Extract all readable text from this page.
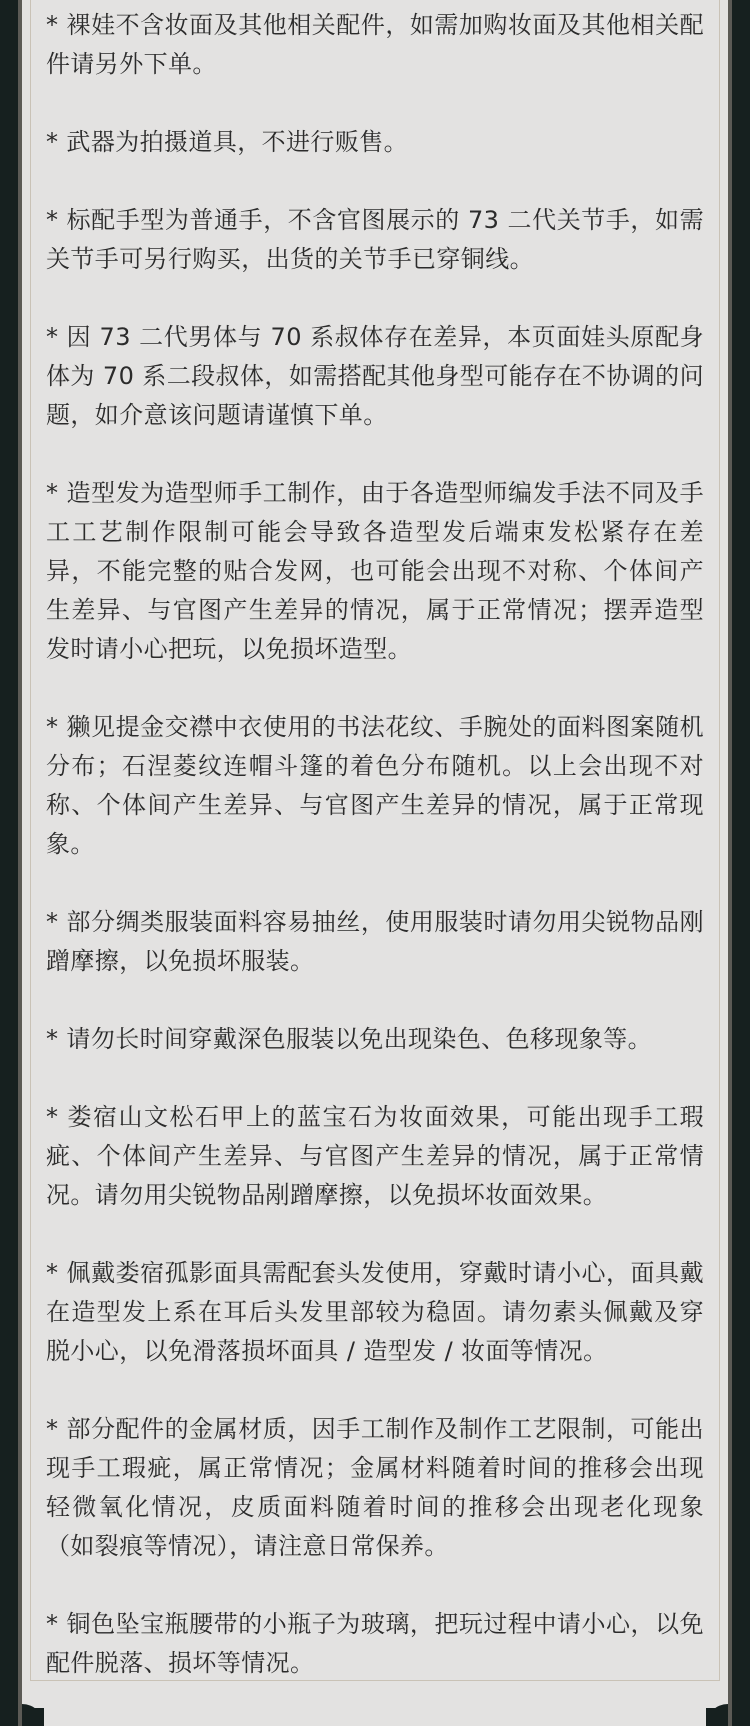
* 裸娃不含妆面及其他相关配件，如需加购妆面及其他相关配件请另外下单。
* 武器为拍摄道具，不进行贩售。
* 标配手型为普通手，不含官图展示的 73 二代关节手，如需关节手可另行购买，出货的关节手已穿铜线。
* 因 73 二代男体与 70 系叔体存在差异，本页面娃头原配身体为 70 系二段叔体，如需搭配其他身型可能存在不协调的问题，如介意该问题请谨慎下单。
* 造型发为造型师手工制作，由于各造型师编发手法不同及手工工艺制作限制可能会导致各造型发后端束发松紧存在差异，不能完整的贴合发网，也可能会出现不对称、个体间产生差异、与官图产生差异的情况，属于正常情况；摆弄造型发时请小心把玩，以免损坏造型。
* 獭见提金交襟中衣使用的书法花纹、手腕处的面料图案随机分布；石涅菱纹连帽斗篷的着色分布随机。以上会出现不对称、个体间产生差异、与官图产生差异的情况，属于正常现象。
* 部分绸类服装面料容易抽丝，使用服装时请勿用尖锐物品刚蹭摩擦，以免损坏服装。
* 请勿长时间穿戴深色服装以免出现染色、色移现象等。
* 娄宿山文松石甲上的蓝宝石为妆面效果，可能出现手工瑕疵、个体间产生差异、与官图产生差异的情况，属于正常情况。请勿用尖锐物品剐蹭摩擦，以免损坏妆面效果。
* 佩戴娄宿孤影面具需配套头发使用，穿戴时请小心，面具戴在造型发上系在耳后头发里部较为稳固。请勿素头佩戴及穿脱小心，以免滑落损坏面具 / 造型发 / 妆面等情况。
* 部分配件的金属材质，因手工制作及制作工艺限制，可能出现手工瑕疵，属正常情况；金属材料随着时间的推移会出现轻微氧化情况，皮质面料随着时间的推移会出现老化现象（如裂痕等情况），请注意日常保养。
* 铜色坠宝瓶腰带的小瓶子为玻璃，把玩过程中请小心，以免配件脱落、损坏等情况。
